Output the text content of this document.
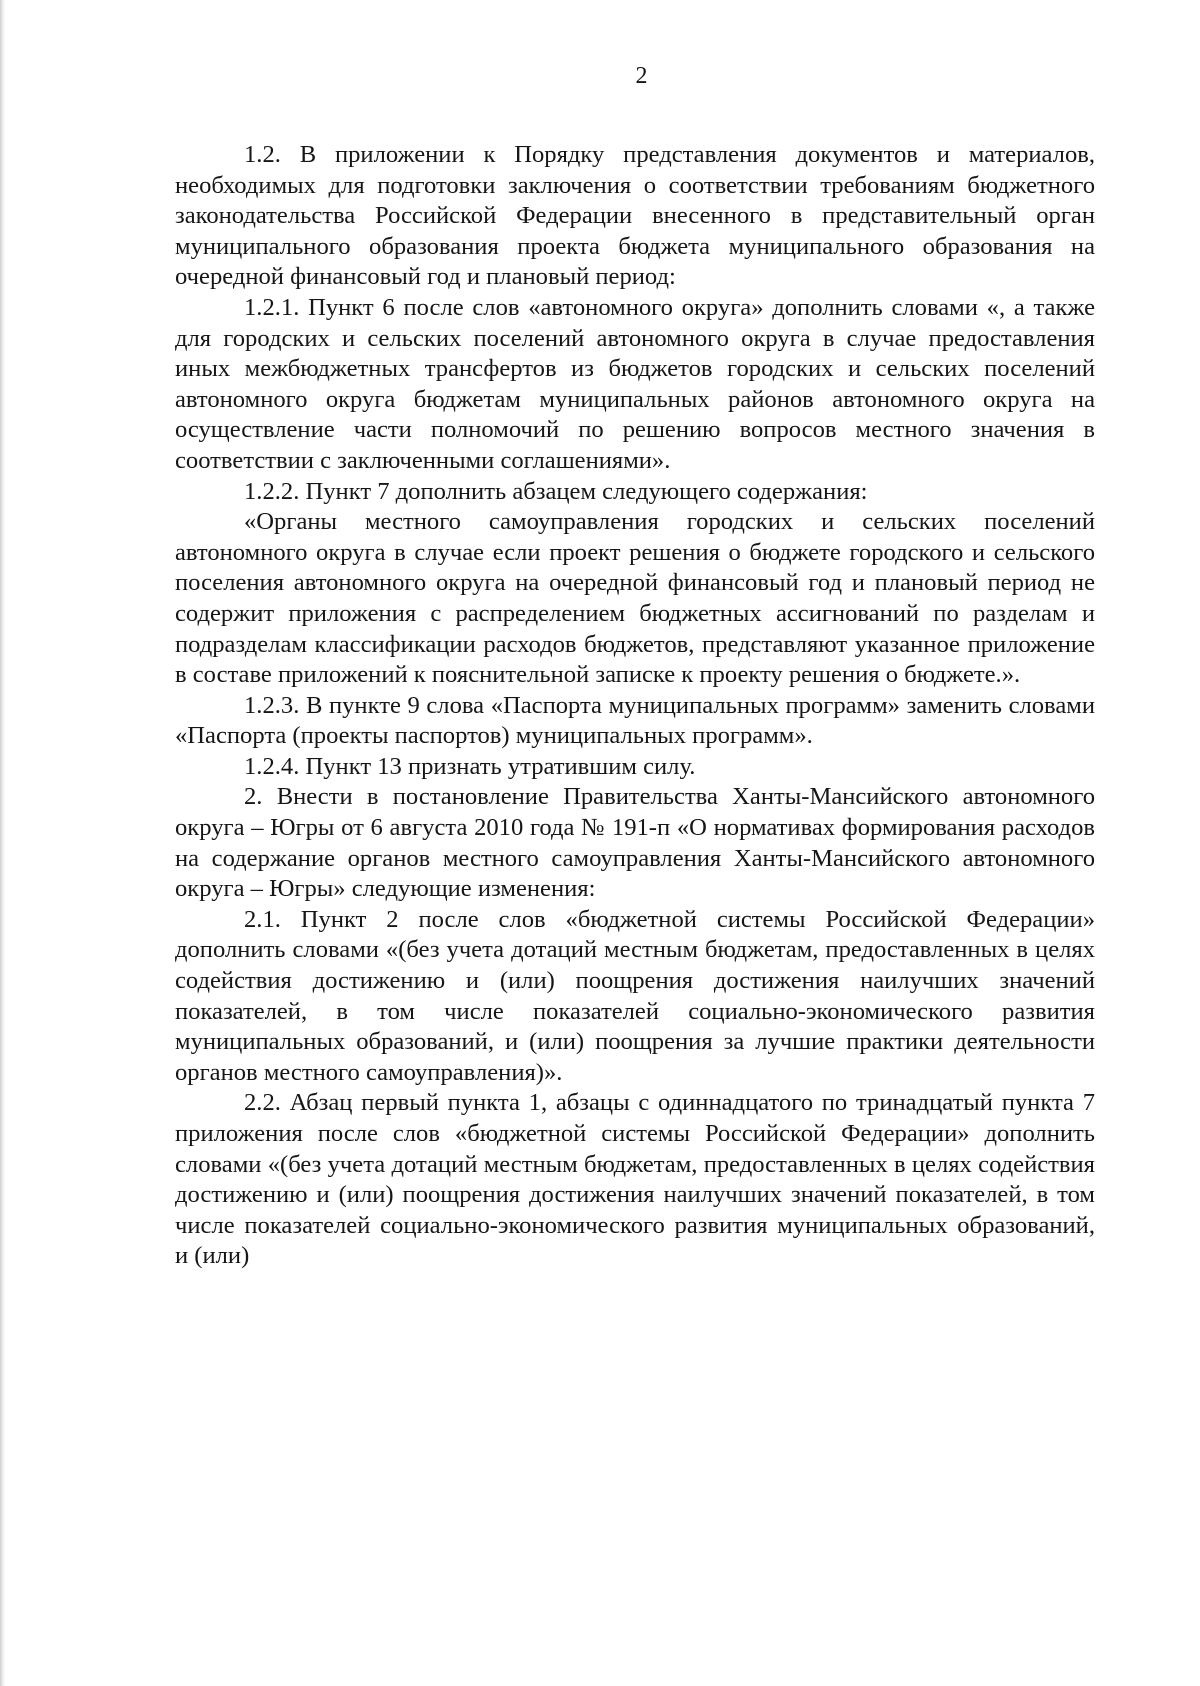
2

1.2. В приложении к Порядку представления документов и материалов, необходимых для подготовки заключения о соответствии требованиям бюджетного законодательства Российской Федерации внесенного в представительный орган муниципального образования проекта бюджета муниципального образования на очередной финансовый год и плановый период:

1.2.1. Пункт 6 после слов «автономного округа» дополнить словами «, а также для городских и сельских поселений автономного округа в случае предоставления иных межбюджетных трансфертов из бюджетов городских и сельских поселений автономного округа бюджетам муниципальных районов автономного округа на осуществление части полномочий по решению вопросов местного значения в соответствии с заключенными соглашениями».

1.2.2. Пункт 7 дополнить абзацем следующего содержания:

«Органы местного самоуправления городских и сельских поселений автономного округа в случае если проект решения о бюджете городского и сельского поселения автономного округа на очередной финансовый год и плановый период не содержит приложения с распределением бюджетных ассигнований по разделам и подразделам классификации расходов бюджетов, представляют указанное приложение в составе приложений к пояснительной записке к проекту решения о бюджете.».

1.2.3. В пункте 9 слова «Паспорта муниципальных программ» заменить словами «Паспорта (проекты паспортов) муниципальных программ».

1.2.4. Пункт 13 признать утратившим силу.

2. Внести в постановление Правительства Ханты-Мансийского автономного округа – Югры от 6 августа 2010 года № 191-п «О нормативах формирования расходов на содержание органов местного самоуправления Ханты-Мансийского автономного округа – Югры» следующие изменения:

2.1. Пункт 2 после слов «бюджетной системы Российской Федерации» дополнить словами «(без учета дотаций местным бюджетам, предоставленных в целях содействия достижению и (или) поощрения достижения наилучших значений показателей, в том числе показателей социально-экономического развития муниципальных образований, и (или) поощрения за лучшие практики деятельности органов местного самоуправления)».

2.2. Абзац первый пункта 1, абзацы с одиннадцатого по тринадцатый пункта 7 приложения после слов «бюджетной системы Российской Федерации» дополнить словами «(без учета дотаций местным бюджетам, предоставленных в целях содействия достижению и (или) поощрения достижения наилучших значений показателей, в том числе показателей социально-экономического развития муниципальных образований, и (или)
